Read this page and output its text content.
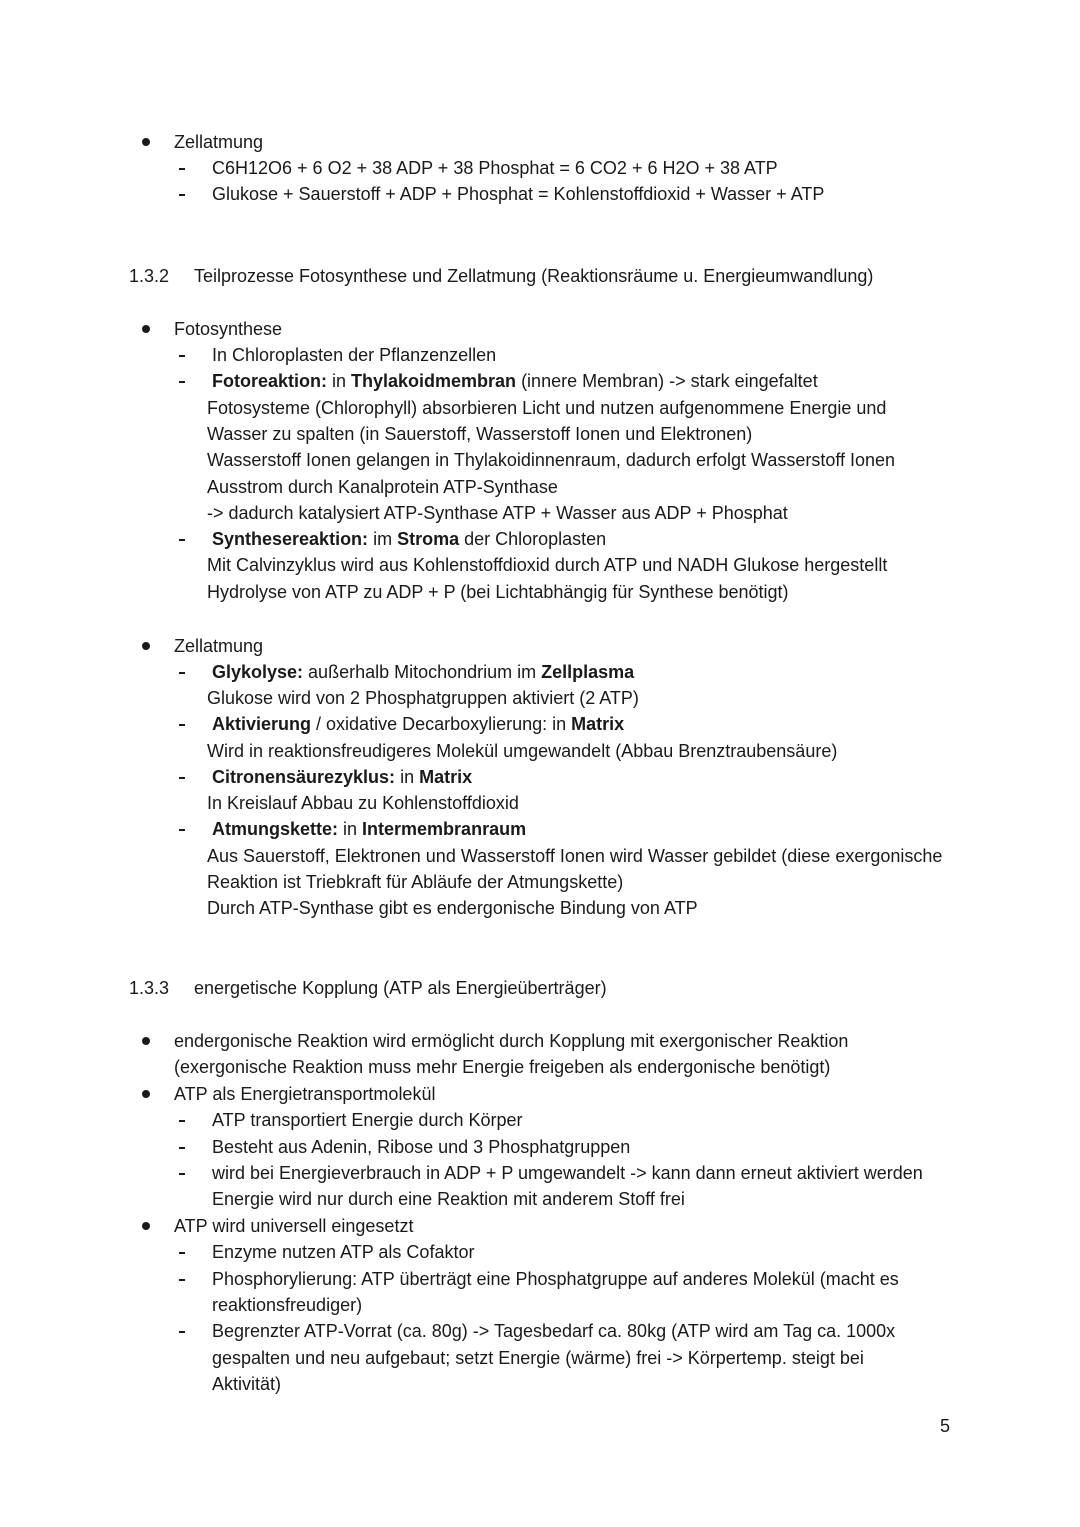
Zellatmung
C6H12O6 + 6 O2 + 38 ADP + 38 Phosphat = 6 CO2 + 6 H2O + 38 ATP
Glukose + Sauerstoff + ADP + Phosphat = Kohlenstoffdioxid + Wasser + ATP
1.3.2 Teilprozesse Fotosynthese und Zellatmung (Reaktionsräume u. Energieumwandlung)
Fotosynthese
In Chloroplasten der Pflanzenzellen
Fotoreaktion: in Thylakoidmembran (innere Membran) -> stark eingefaltet
Fotosysteme (Chlorophyll) absorbieren Licht und nutzen aufgenommene Energie und
Wasser zu spalten (in Sauerstoff, Wasserstoff Ionen und Elektronen)
Wasserstoff Ionen gelangen in Thylakoidinnenraum, dadurch erfolgt Wasserstoff Ionen
Ausstrom durch Kanalprotein ATP-Synthase
-> dadurch katalysiert ATP-Synthase ATP + Wasser aus ADP + Phosphat
Synthesereaktion: im Stroma der Chloroplasten
Mit Calvinzyklus wird aus Kohlenstoffdioxid durch ATP und NADH Glukose hergestellt
Hydrolyse von ATP zu ADP + P (bei Lichtabhängig für Synthese benötigt)
Zellatmung
Glykolyse: außerhalb Mitochondrium im Zellplasma
Glukose wird von 2 Phosphatgruppen aktiviert (2 ATP)
Aktivierung / oxidative Decarboxylierung: in Matrix
Wird in reaktionsfreudigeres Molekül umgewandelt (Abbau Brenztraubensäure)
Citronensäurezyklus: in Matrix
In Kreislauf Abbau zu Kohlenstoffdioxid
Atmungskette: in Intermembranraum
Aus Sauerstoff, Elektronen und Wasserstoff Ionen wird Wasser gebildet (diese exergonische
Reaktion ist Triebkraft für Abläufe der Atmungskette)
Durch ATP-Synthase gibt es endergonische Bindung von ATP
1.3.3 energetische Kopplung (ATP als Energieüberträger)
endergonische Reaktion wird ermöglicht durch Kopplung mit exergonischer Reaktion
(exergonische Reaktion muss mehr Energie freigeben als endergonische benötigt)
ATP als Energietransportmolekül
ATP transportiert Energie durch Körper
Besteht aus Adenin, Ribose und 3 Phosphatgruppen
wird bei Energieverbrauch in ADP + P umgewandelt -> kann dann erneut aktiviert werden
Energie wird nur durch eine Reaktion mit anderem Stoff frei
ATP wird universell eingesetzt
Enzyme nutzen ATP als Cofaktor
Phosphorylierung: ATP überträgt eine Phosphatgruppe auf anderes Molekül (macht es
reaktionsfreudiger)
Begrenzter ATP-Vorrat (ca. 80g) -> Tagesbedarf ca. 80kg (ATP wird am Tag ca. 1000x
gespalten und neu aufgebaut; setzt Energie (wärme) frei -> Körpertemp. steigt bei
Aktivität)
5
